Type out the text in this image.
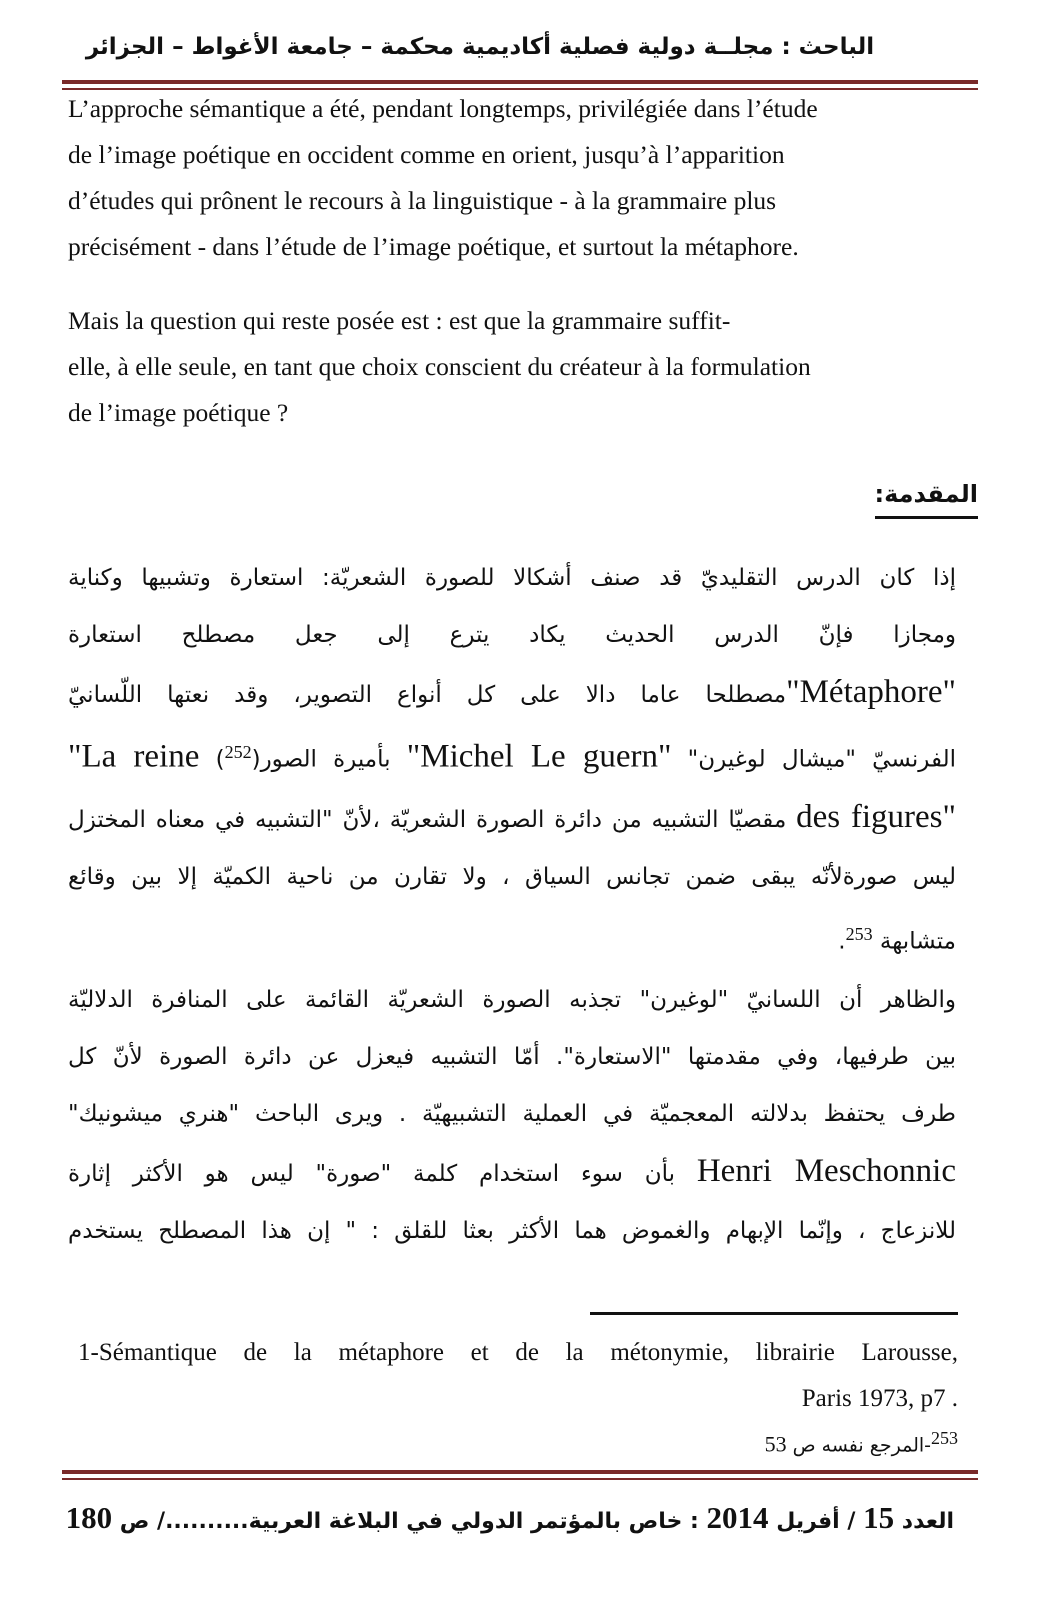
الباحث : مجلــة دولية فصلية أكاديمية محكمة – جامعة الأغواط – الجزائر
L’approche sémantique a été, pendant longtemps, privilégiée dans l’étude
de l’image poétique en occident comme en orient, jusqu’à l’apparition
d’études qui prônent le recours à la linguistique - à la grammaire plus
précisément - dans l’étude de l’image poétique, et surtout la métaphore.
Mais la question qui reste posée est : est que la grammaire suffit-
elle, à elle seule, en tant que choix conscient du créateur à la formulation
de l’image poétique ?
المقدمة:
إذا كان الدرس التقليديّ قد صنف أشكالا للصورة الشعريّة: استعارة وتشبيها وكناية
ومجازا فإنّ الدرس الحديث يكاد يترع إلى جعل مصطلح استعارة
"Métaphore"مصطلحا عاما دالا على كل أنواع التصوير، وقد نعتها اللّسانيّ
الفرنسيّ "ميشال لوغيرن" "Michel Le guern" بأميرة الصور($^{252}$) "La reine
des figures" مقصيّا التشبيه من دائرة الصورة الشعريّة ،لأنّ "التشبيه في معناه المختزل
ليس صورةلأنّه يبقى ضمن تجانس السياق ، ولا تقارن من ناحية الكميّة إلا بين وقائع
متشابهة $^{253}$.
والظاهر أن اللسانيّ "لوغيرن" تجذبه الصورة الشعريّة القائمة على المنافرة الدلاليّة
بين طرفيها، وفي مقدمتها "الاستعارة". أمّا التشبيه فيعزل عن دائرة الصورة لأنّ كل
طرف يحتفظ بدلالته المعجميّة في العملية التشبيهيّة . ويرى الباحث "هنري ميشونيك"
Henri Meschonnic بأن سوء استخدام كلمة "صورة" ليس هو الأكثر إثارة
للانزعاج ، وإنّما الإبهام والغموض هما الأكثر بعثا للقلق : " إن هذا المصطلح يستخدم
1-Sémantique de la métaphore et de la métonymie, librairie Larousse,
Paris 1973, p7 .
$^{253}$-المرجع نفسه ص 53
العدد 15 / أفريل 2014 : خاص بالمؤتمر الدولي في البلاغة العربية........../ ص 180
